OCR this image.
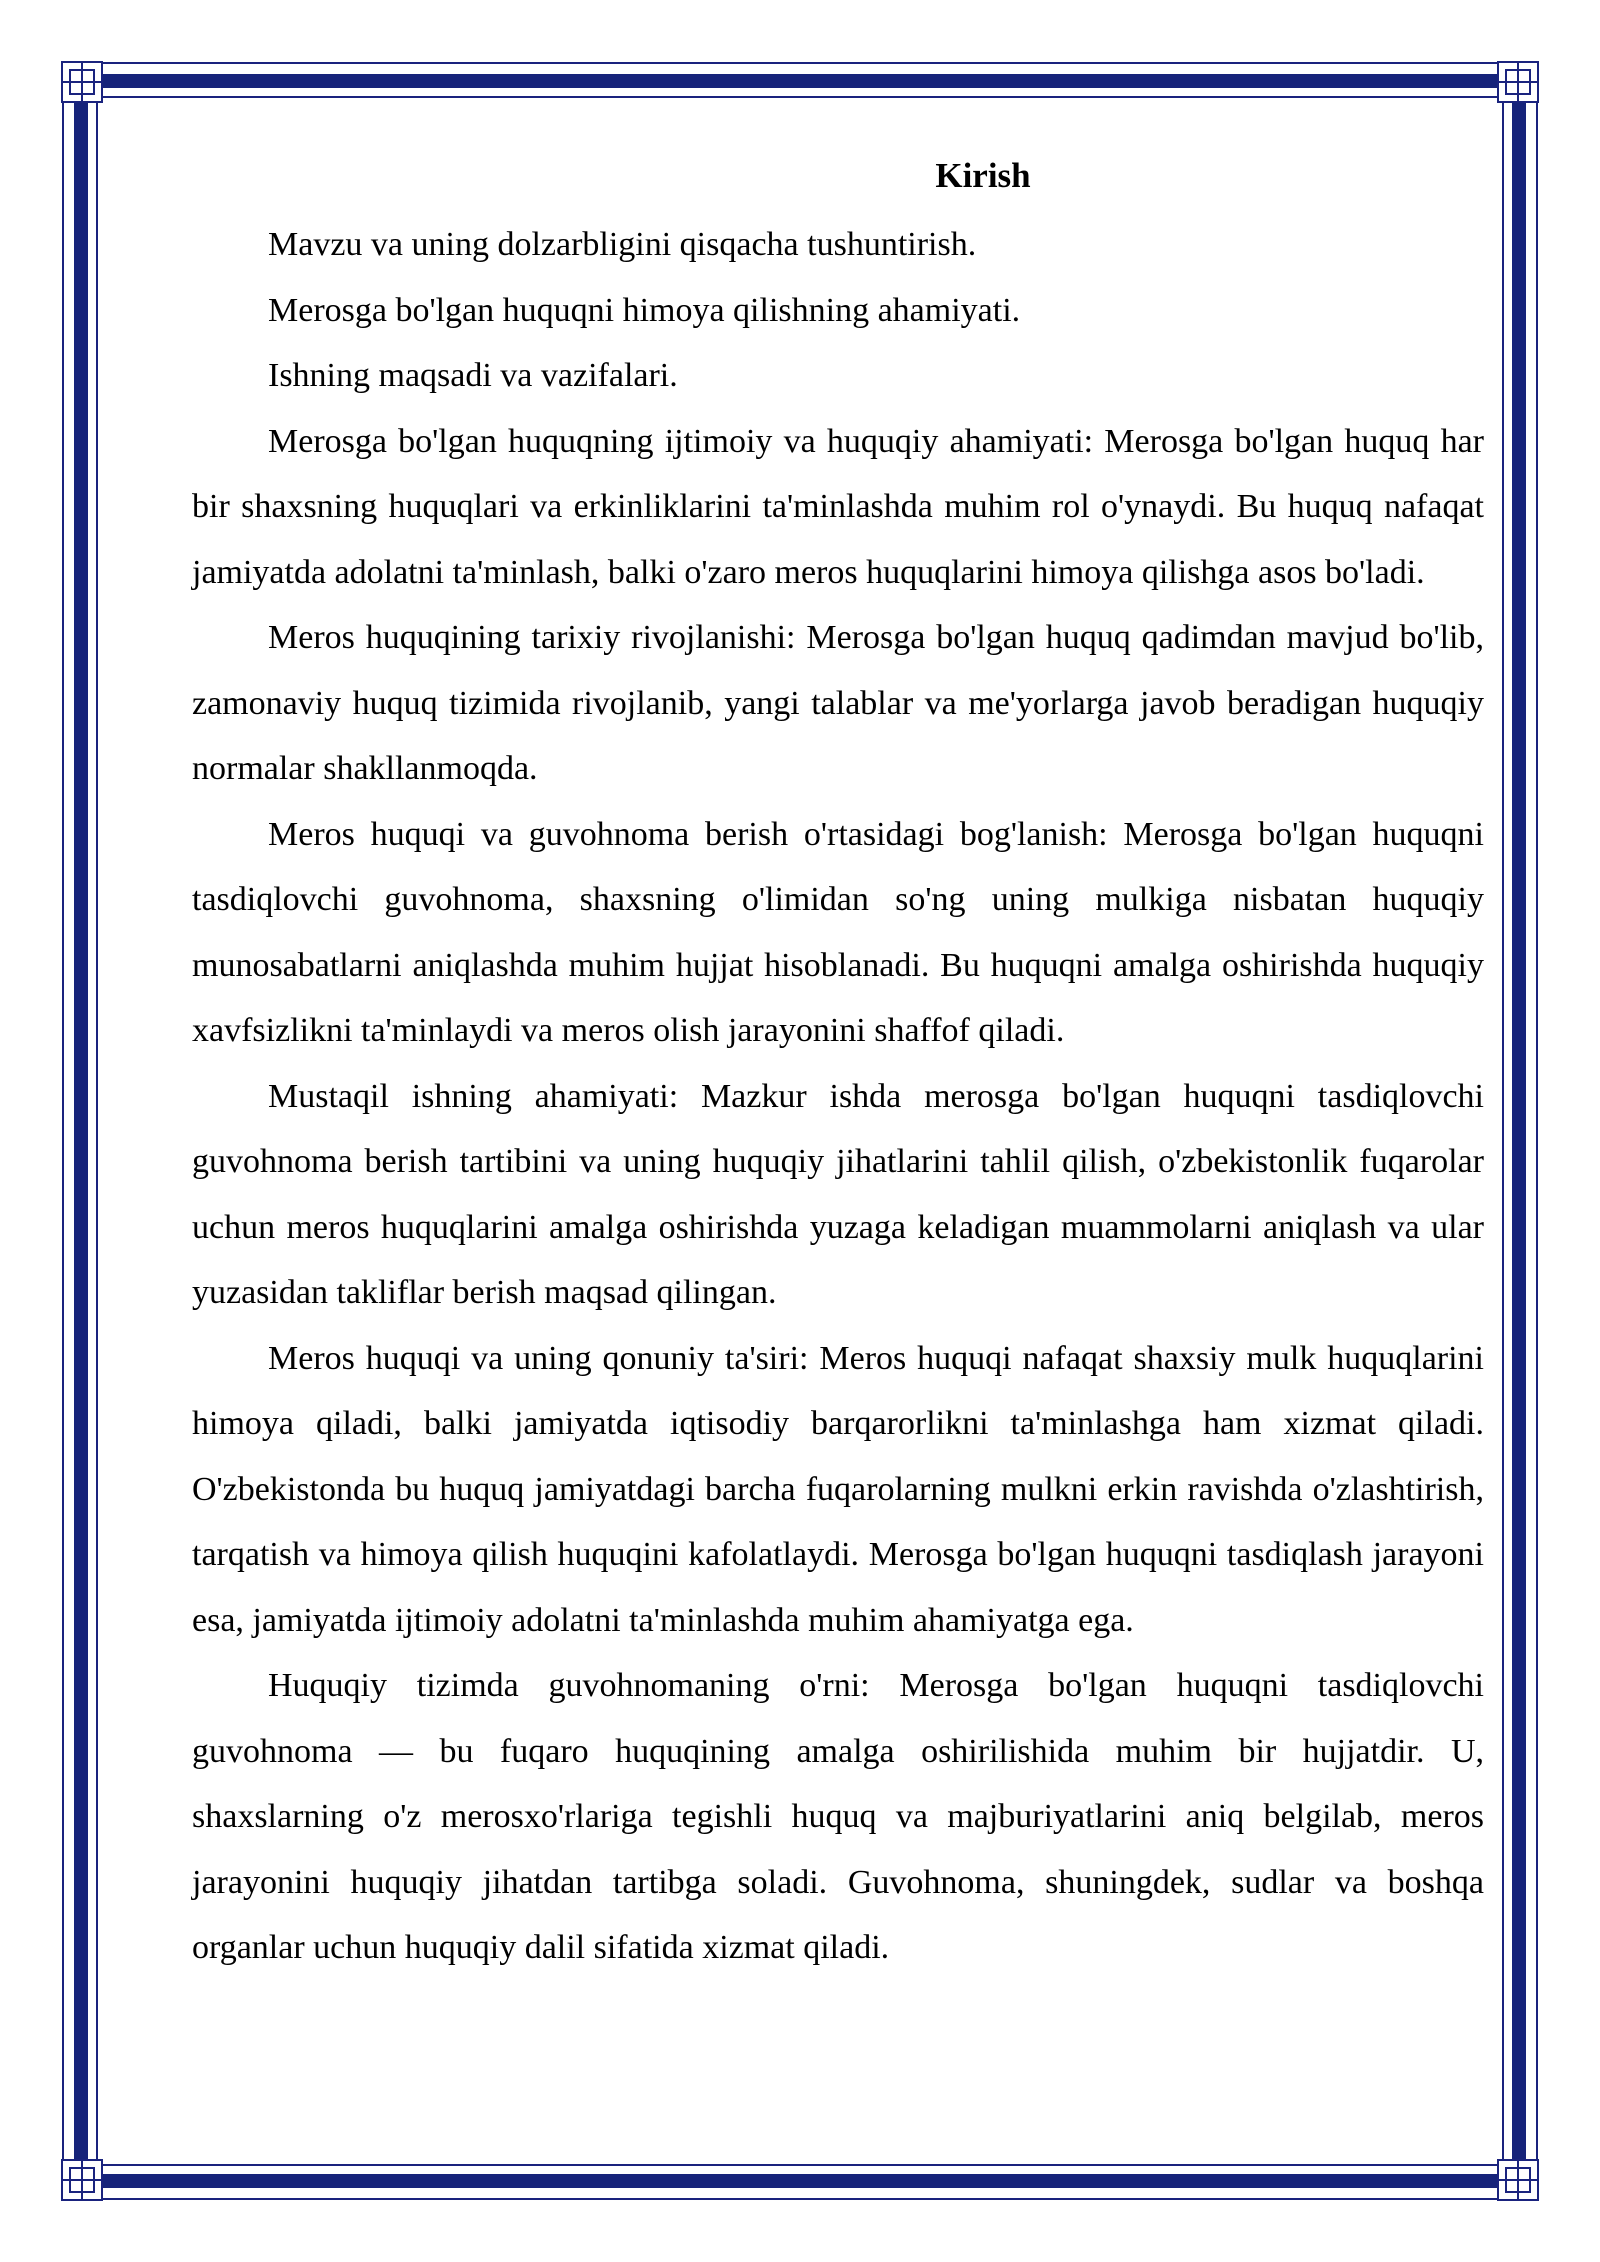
Kirish

Mavzu va uning dolzarbligini qisqacha tushuntirish.

Merosga bo'lgan huquqni himoya qilishning ahamiyati.

Ishning maqsadi va vazifalari.

Merosga bo'lgan huquqning ijtimoiy va huquqiy ahamiyati: Merosga bo'lgan huquq har bir shaxsning huquqlari va erkinliklarini ta'minlashda muhim rol o'ynaydi. Bu huquq nafaqat jamiyatda adolatni ta'minlash, balki o'zaro meros huquqlarini himoya qilishga asos bo'ladi.

Meros huquqining tarixiy rivojlanishi: Merosga bo'lgan huquq qadimdan mavjud bo'lib, zamonaviy huquq tizimida rivojlanib, yangi talablar va me'yorlarga javob beradigan huquqiy normalar shakllanmoqda.

Meros huquqi va guvohnoma berish o'rtasidagi bog'lanish: Merosga bo'lgan huquqni tasdiqlovchi guvohnoma, shaxsning o'limidan so'ng uning mulkiga nisbatan huquqiy munosabatlarni aniqlashda muhim hujjat hisoblanadi. Bu huquqni amalga oshirishda huquqiy xavfsizlikni ta'minlaydi va meros olish jarayonini shaffof qiladi.

Mustaqil ishning ahamiyati: Mazkur ishda merosga bo'lgan huquqni tasdiqlovchi guvohnoma berish tartibini va uning huquqiy jihatlarini tahlil qilish, o'zbekistonlik fuqarolar uchun meros huquqlarini amalga oshirishda yuzaga keladigan muammolarni aniqlash va ular yuzasidan takliflar berish maqsad qilingan.

Meros huquqi va uning qonuniy ta'siri: Meros huquqi nafaqat shaxsiy mulk huquqlarini himoya qiladi, balki jamiyatda iqtisodiy barqarorlikni ta'minlashga ham xizmat qiladi. O'zbekistonda bu huquq jamiyatdagi barcha fuqarolarning mulkni erkin ravishda o'zlashtirish, tarqatish va himoya qilish huquqini kafolatlaydi. Merosga bo'lgan huquqni tasdiqlash jarayoni esa, jamiyatda ijtimoiy adolatni ta'minlashda muhim ahamiyatga ega.

Huquqiy tizimda guvohnomaning o'rni: Merosga bo'lgan huquqni tasdiqlovchi guvohnoma — bu fuqaro huquqining amalga oshirilishida muhim bir hujjatdir. U, shaxslarning o'z merosxo'rlariga tegishli huquq va majburiyatlarini aniq belgilab, meros jarayonini huquqiy jihatdan tartibga soladi. Guvohnoma, shuningdek, sudlar va boshqa organlar uchun huquqiy dalil sifatida xizmat qiladi.
